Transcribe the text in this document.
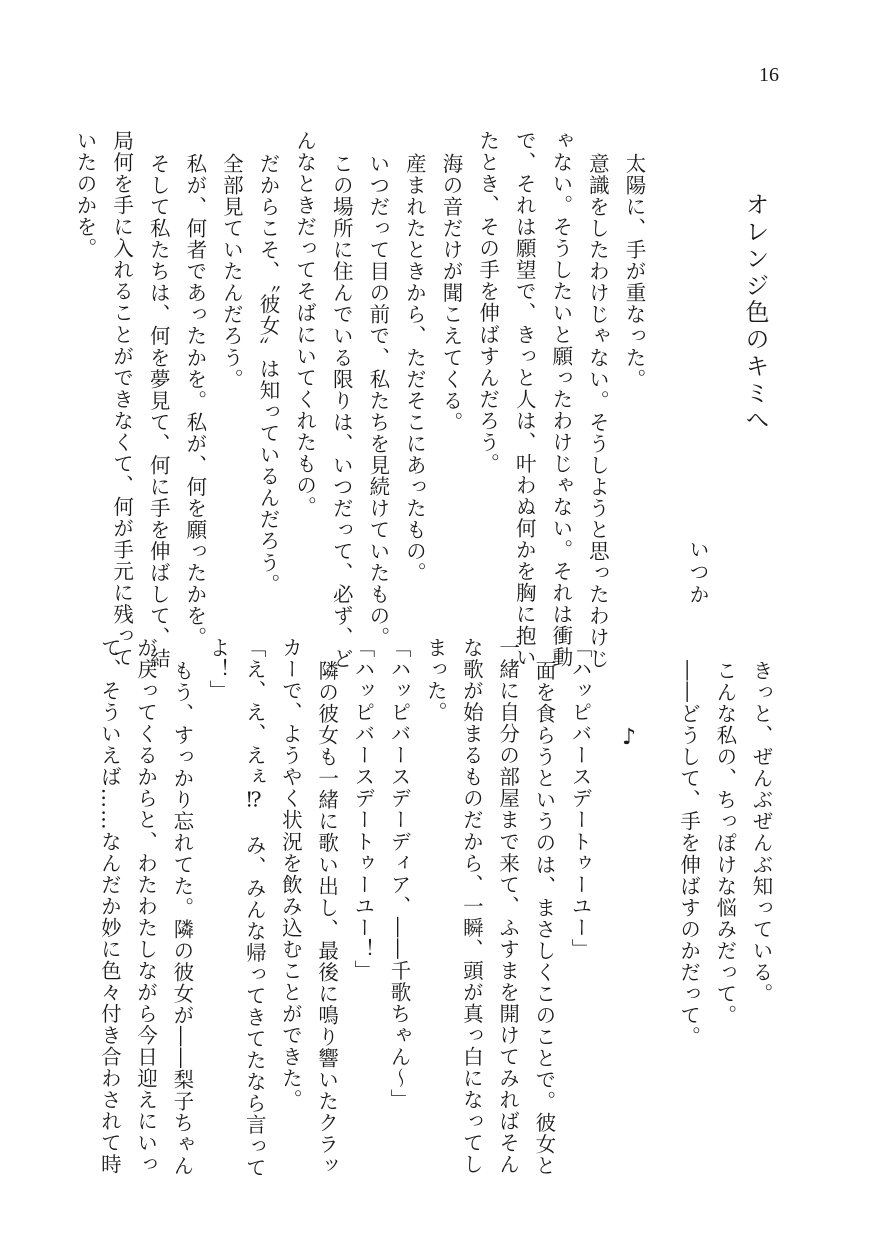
16
オレンジ色のキミへ
いつか
太陽に、手が重なった。
意識をしたわけじゃない。そうしようと思ったわけじ
ゃない。そうしたいと願ったわけじゃない。それは衝動
で、それは願望で、きっと人は、叶わぬ何かを胸に抱い
たとき、その手を伸ばすんだろう。
海の音だけが聞こえてくる。
産まれたときから、ただそこにあったもの。
いつだって目の前で、私たちを見続けていたもの。
この場所に住んでいる限りは、いつだって、必ず、ど
んなときだってそばにいてくれたもの。
だからこそ、〝彼女〟は知っているんだろう。
全部見ていたんだろう。
私が、何者であったかを。私が、何を願ったかを。
そして私たちは、何を夢見て、何に手を伸ばして、結
局何を手に入れることができなくて、何が手元に残って
いたのかを。
♪	きっと、ぜんぶぜんぶ知っている。
こんな私の、ちっぽけな悩みだって。
――どうして、手を伸ばすのかだって。
「ハッピバースデートゥーユー」
面を食らうというのは、まさしくこのことで。彼女と
一緒に自分の部屋まで来て、ふすまを開けてみればそん
な歌が始まるものだから、一瞬、頭が真っ白になってし
まった。
「ハッピバースデーディア、――千歌ちゃん〜」
「ハッピバースデートゥーユー！」
隣の彼女も一緒に歌い出し、最後に鳴り響いたクラッ
カーで、ようやく状況を飲み込むことができた。
「え、え、えぇ⁉　み、みんな帰ってきてたなら言って
よ！」
もう、すっかり忘れてた。隣の彼女が――梨子ちゃん
が戻ってくるからと、わたわたしながら今日迎えにいっ
て、そういえば……なんだか妙に色々付き合わされて時
